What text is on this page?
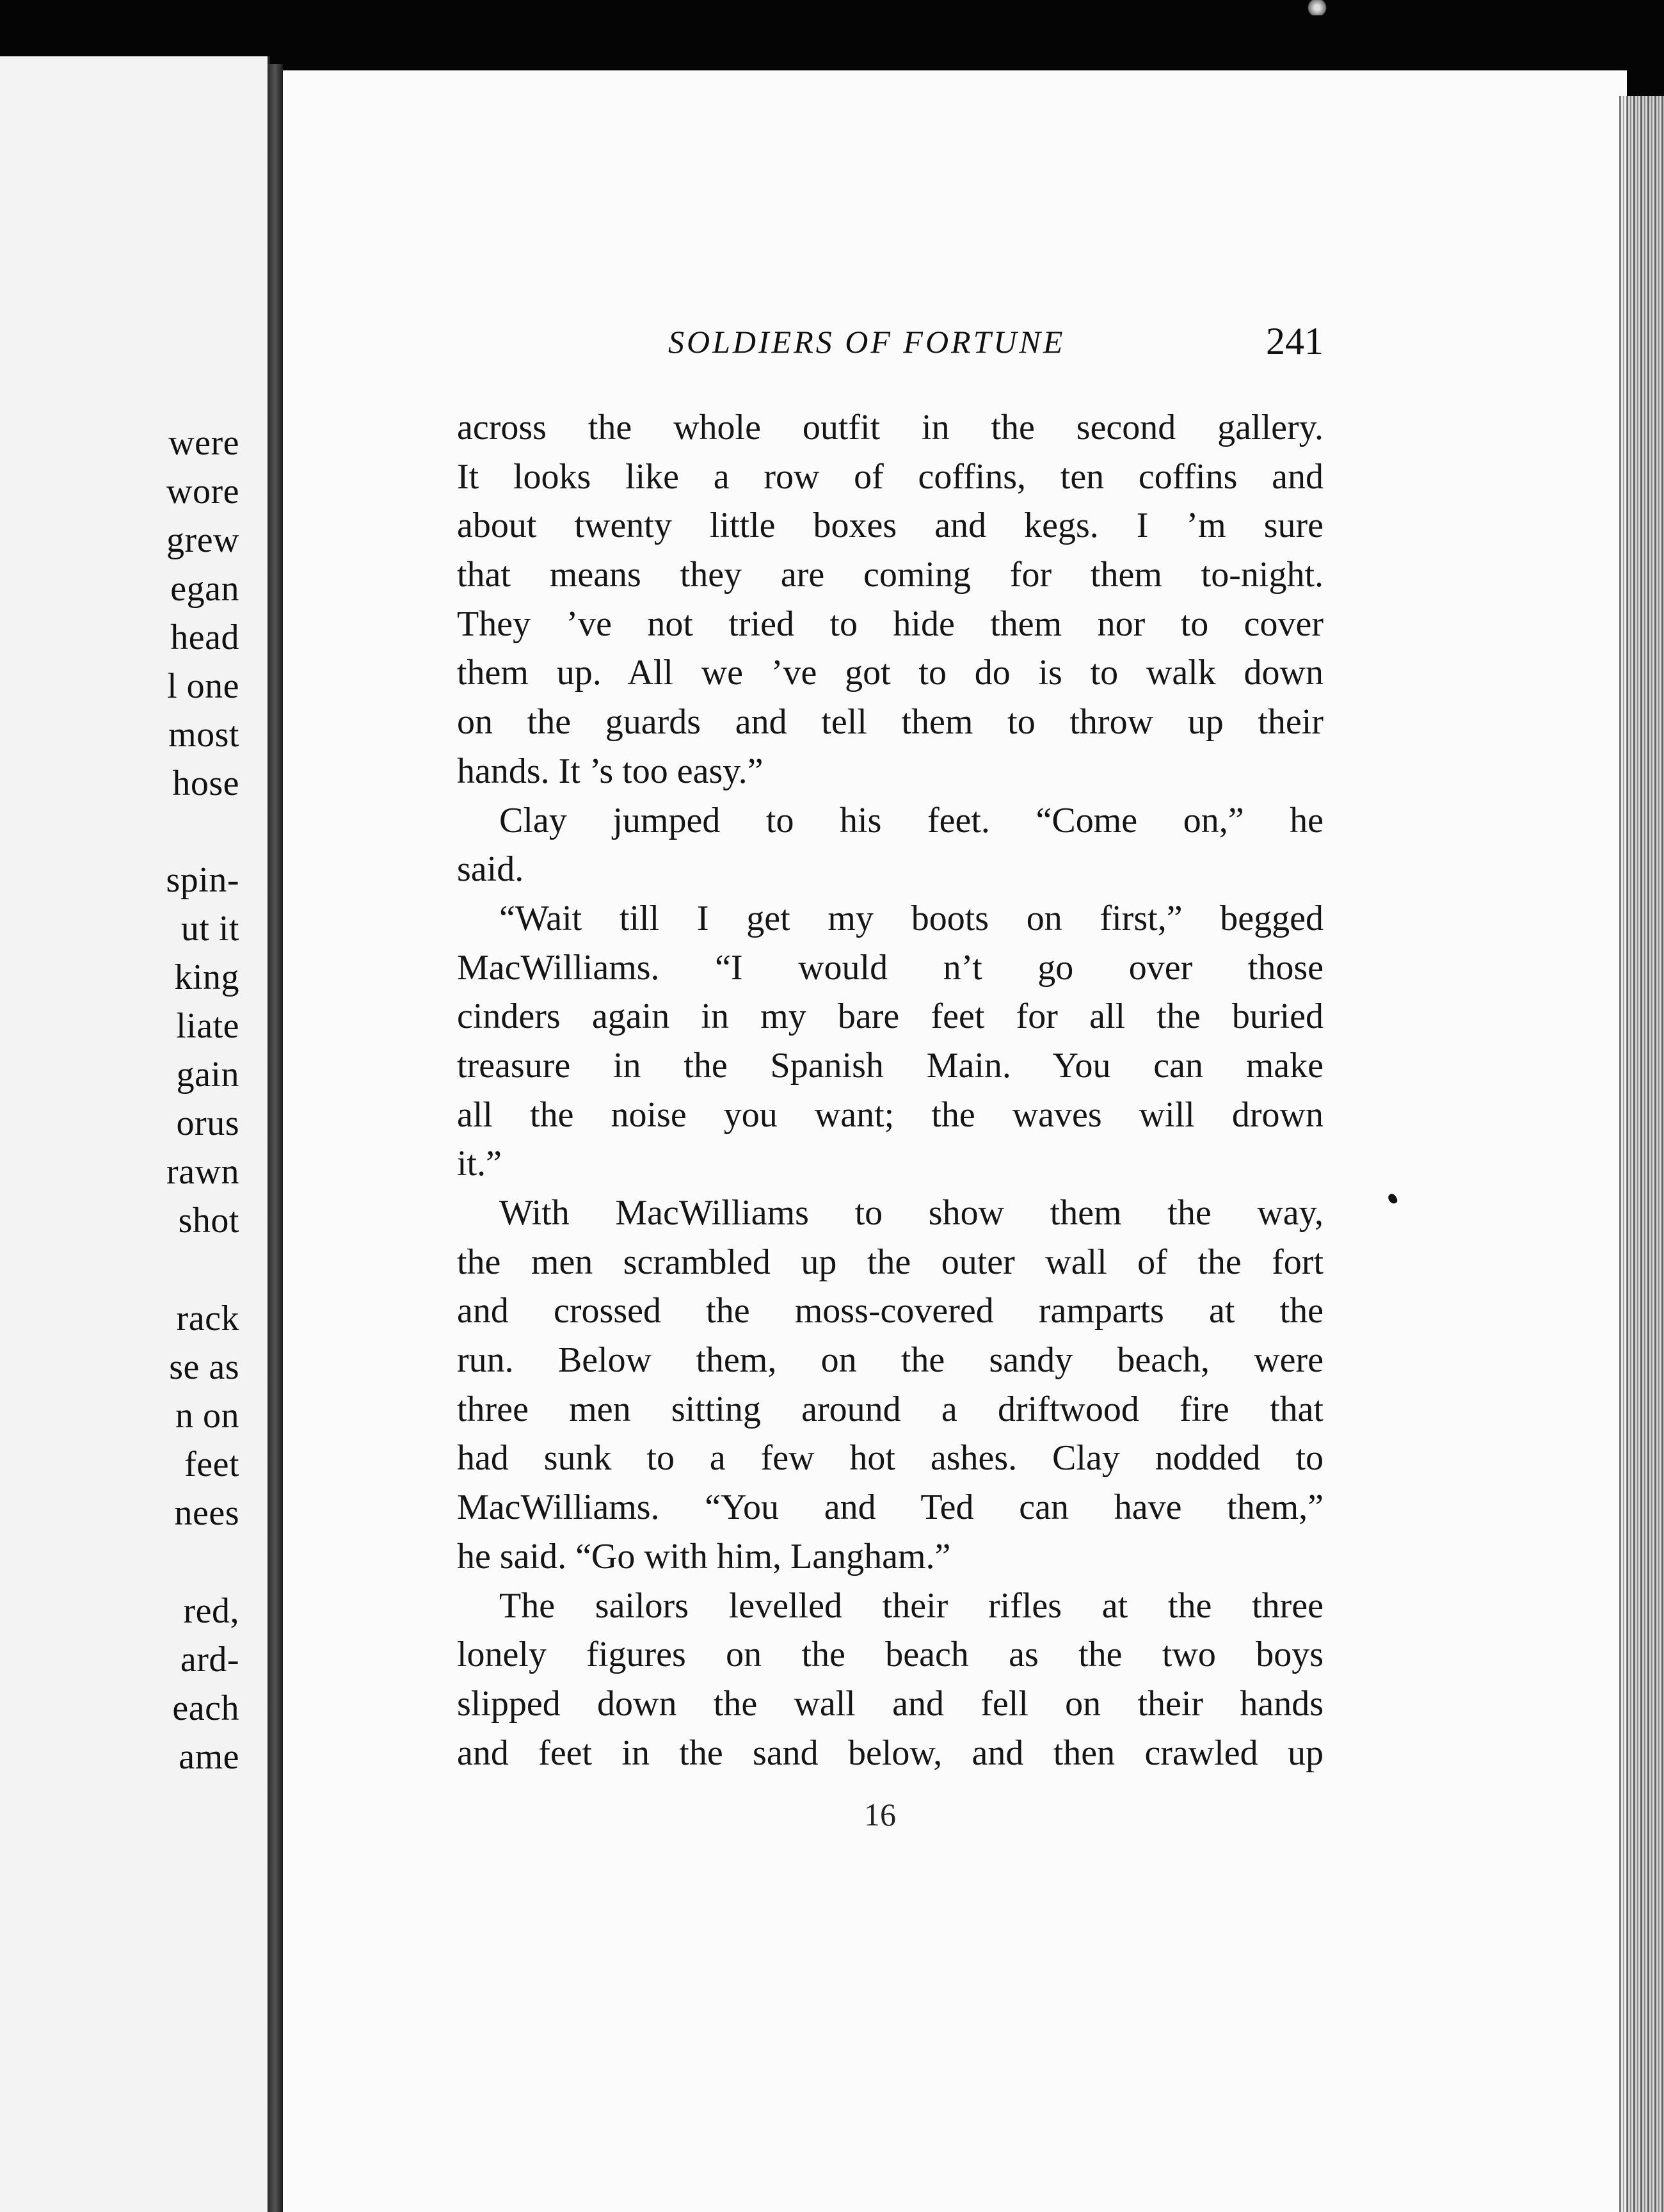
were
wore
grew
egan
head
l one
most
hose
spin-
ut it
king
liate
gain
orus
rawn
shot
rack
se as
n on
feet
nees
red,
ard-
each
ame
SOLDIERS OF FORTUNE	241
across the whole outfit in the second gallery.
It looks like a row of coffins, ten coffins and
about twenty little boxes and kegs. I ’m sure
that means they are coming for them to-night.
They ’ve not tried to hide them nor to cover
them up. All we ’ve got to do is to walk down
on the guards and tell them to throw up their
hands. It ’s too easy.”
Clay jumped to his feet. “Come on,” he
said.
“Wait till I get my boots on first,” begged
MacWilliams. “I would n’t go over those
cinders again in my bare feet for all the buried
treasure in the Spanish Main. You can make
all the noise you want; the waves will drown
it.”
With MacWilliams to show them the way,
the men scrambled up the outer wall of the fort
and crossed the moss-covered ramparts at the
run. Below them, on the sandy beach, were
three men sitting around a driftwood fire that
had sunk to a few hot ashes. Clay nodded to
MacWilliams. “You and Ted can have them,”
he said. “Go with him, Langham.”
The sailors levelled their rifles at the three
lonely figures on the beach as the two boys
slipped down the wall and fell on their hands
and feet in the sand below, and then crawled up
16
